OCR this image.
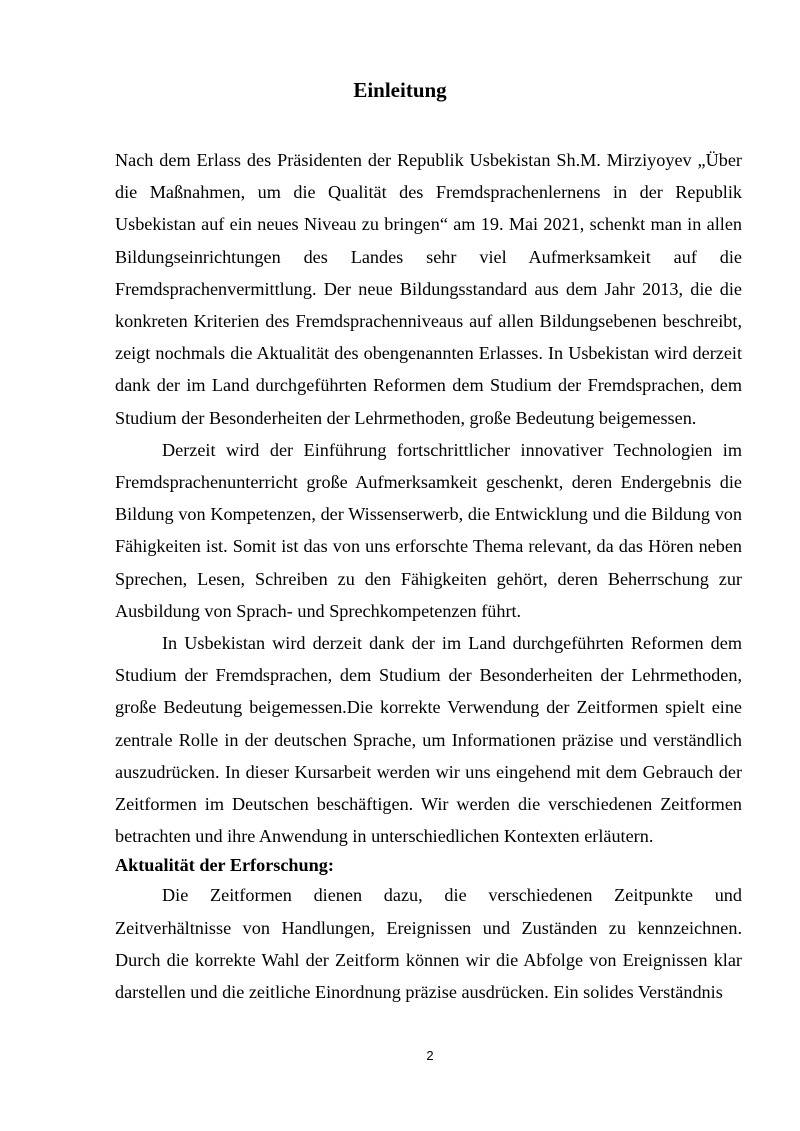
Einleitung

Nach dem Erlass des Präsidenten der Republik Usbekistan Sh.M. Mirziyoyev „Über die Maßnahmen, um die Qualität des Fremdsprachenlernens in der Republik Usbekistan auf ein neues Niveau zu bringen“ am 19. Mai 2021, schenkt man in allen Bildungseinrichtungen des Landes sehr viel Aufmerksamkeit auf die Fremdsprachenvermittlung. Der neue Bildungsstandard aus dem Jahr 2013, die die konkreten Kriterien des Fremdsprachenniveaus auf allen Bildungsebenen beschreibt, zeigt nochmals die Aktualität des obengenannten Erlasses. In Usbekistan wird derzeit dank der im Land durchgeführten Reformen dem Studium der Fremdsprachen, dem Studium der Besonderheiten der Lehrmethoden, große Bedeutung beigemessen.

Derzeit wird der Einführung fortschrittlicher innovativer Technologien im Fremdsprachenunterricht große Aufmerksamkeit geschenkt, deren Endergebnis die Bildung von Kompetenzen, der Wissenserwerb, die Entwicklung und die Bildung von Fähigkeiten ist. Somit ist das von uns erforschte Thema relevant, da das Hören neben Sprechen, Lesen, Schreiben zu den Fähigkeiten gehört, deren Beherrschung zur Ausbildung von Sprach- und Sprechkompetenzen führt.

In Usbekistan wird derzeit dank der im Land durchgeführten Reformen dem Studium der Fremdsprachen, dem Studium der Besonderheiten der Lehrmethoden, große Bedeutung beigemessen.Die korrekte Verwendung der Zeitformen spielt eine zentrale Rolle in der deutschen Sprache, um Informationen präzise und verständlich auszudrücken. In dieser Kursarbeit werden wir uns eingehend mit dem Gebrauch der Zeitformen im Deutschen beschäftigen. Wir werden die verschiedenen Zeitformen betrachten und ihre Anwendung in unterschiedlichen Kontexten erläutern.

Aktualität der Erforschung:

Die Zeitformen dienen dazu, die verschiedenen Zeitpunkte und Zeitverhältnisse von Handlungen, Ereignissen und Zuständen zu kennzeichnen. Durch die korrekte Wahl der Zeitform können wir die Abfolge von Ereignissen klar darstellen und die zeitliche Einordnung präzise ausdrücken. Ein solides Verständnis

2
